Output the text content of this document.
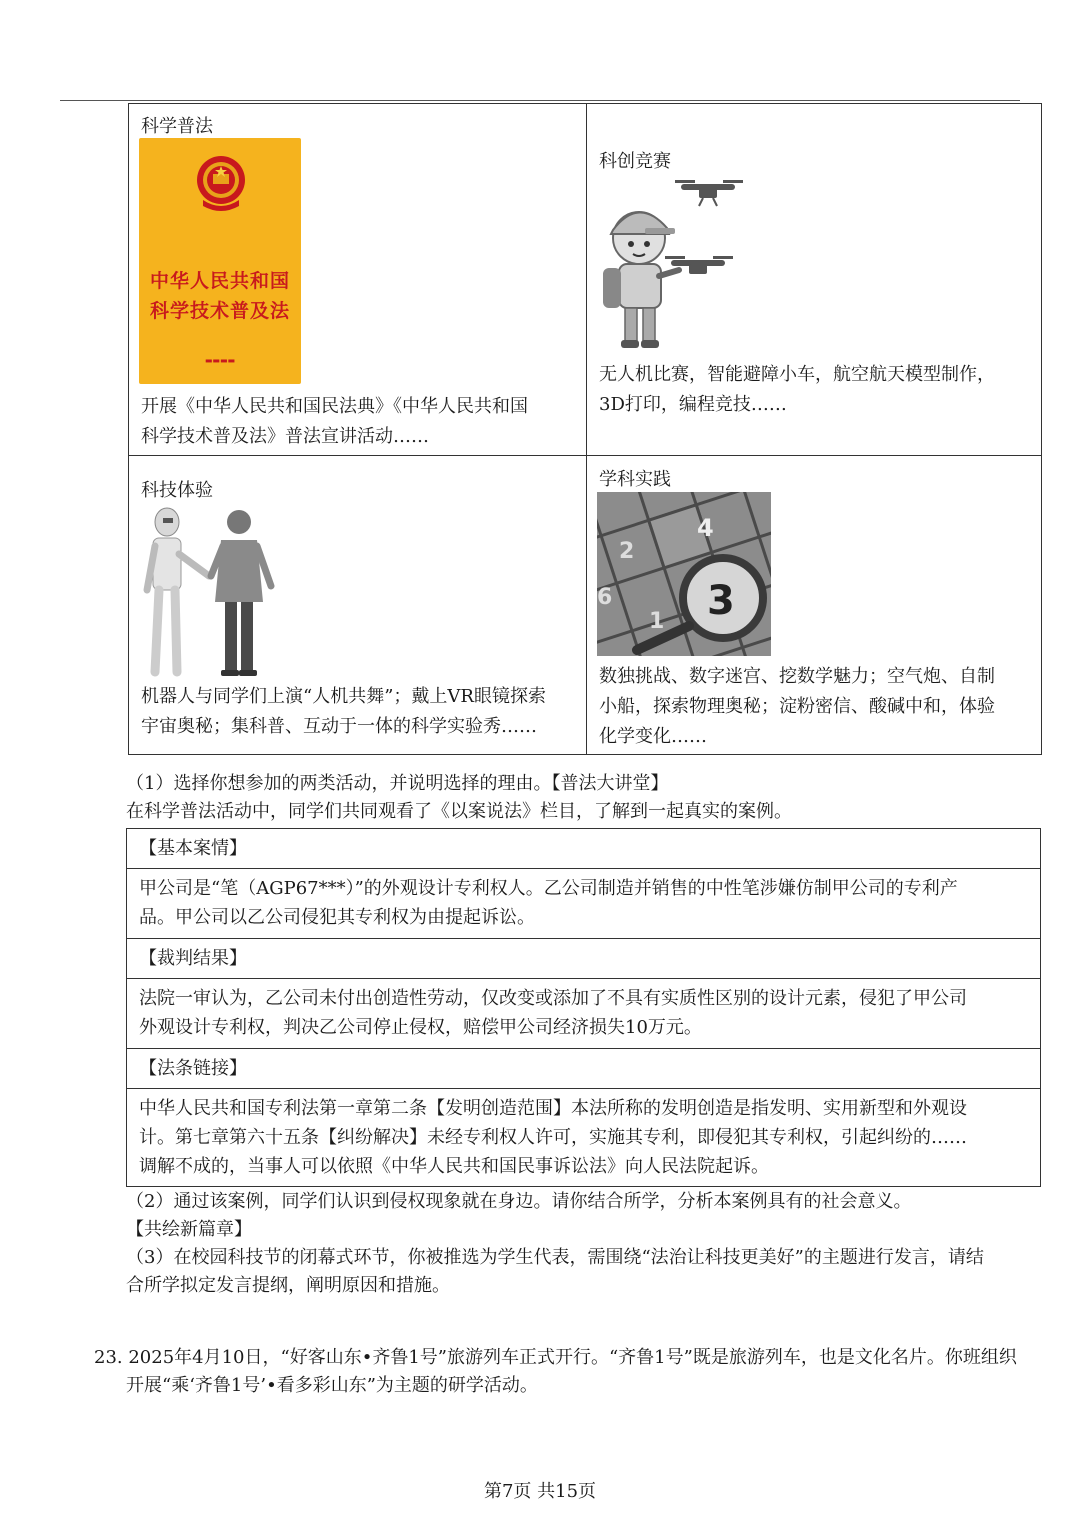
科学普法
中华人民共和国
科学技术普及法
▬▬▬▬
开展《中华人民共和国民法典》《中华人民共和国
科学技术普及法》普法宣讲活动……
科创竞赛
无人机比赛，智能避障小车，航空航天模型制作，
3D打印，编程竞技……
科技体验
机器人与同学们上演“人机共舞”；戴上VR眼镜探索
宇宙奥秘；集科普、互动于一体的科学实验秀……
学科实践
4
2
6
1 3
数独挑战、数字迷宫、挖数学魅力；空气炮、自制
小船，探索物理奥秘；淀粉密信、酸碱中和，体验
化学变化……
（1）选择你想参加的两类活动，并说明选择的理由。【普法大讲堂】
在科学普法活动中，同学们共同观看了《以案说法》栏目，了解到一起真实的案例。
【基本案情】
甲公司是“笔（AGP67***）”的外观设计专利权人。乙公司制造并销售的中性笔涉嫌仿制甲公司的专利产
品。甲公司以乙公司侵犯其专利权为由提起诉讼。
【裁判结果】
法院一审认为，乙公司未付出创造性劳动，仅改变或添加了不具有实质性区别的设计元素，侵犯了甲公司
外观设计专利权，判决乙公司停止侵权，赔偿甲公司经济损失10万元。
【法条链接】
中华人民共和国专利法第一章第二条【发明创造范围】本法所称的发明创造是指发明、实用新型和外观设
计。第七章第六十五条【纠纷解决】未经专利权人许可，实施其专利，即侵犯其专利权，引起纠纷的……
调解不成的，当事人可以依照《中华人民共和国民事诉讼法》向人民法院起诉。
（2）通过该案例，同学们认识到侵权现象就在身边。请你结合所学，分析本案例具有的社会意义。
【共绘新篇章】
（3）在校园科技节的闭幕式环节，你被推选为学生代表，需围绕“法治让科技更美好”的主题进行发言，请结
合所学拟定发言提纲，阐明原因和措施。
23. 2025年4月10日，“好客山东•齐鲁1号”旅游列车正式开行。“齐鲁1号”既是旅游列车，也是文化名片。你班组织
开展“乘‘齐鲁1号’•看多彩山东”为主题的研学活动。
第7页 共15页
